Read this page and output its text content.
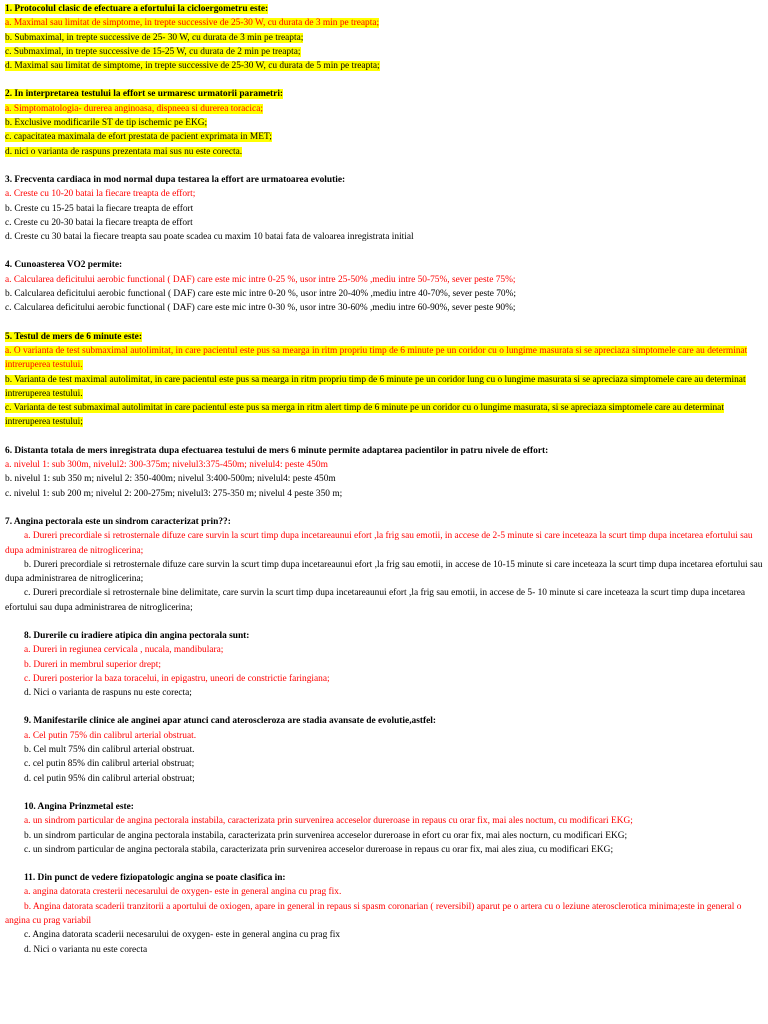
1. Protocolul clasic de efectuare a efortului la cicloergometru este:
a. Maximal sau limitat de simptome, in trepte successive de 25-30 W, cu durata de 3 min pe treapta;
b. Submaximal, in trepte successive de 25- 30 W, cu durata de 3 min pe treapta;
c. Submaximal, in trepte successive de 15-25 W, cu durata de 2 min pe treapta;
d. Maximal sau limitat de simptome, in trepte successive de 25-30 W, cu durata de 5 min pe treapta;
2. In interpretarea testului la effort se urmaresc urmatorii parametri:
a. Simptomatologia- durerea anginoasa, dispneea si durerea toracica;
b. Exclusive modificarile ST de tip ischemic pe EKG;
c. capacitatea maximala de efort prestata de pacient exprimata in MET;
d. nici o varianta de raspuns prezentata mai sus nu este corecta.
3. Frecventa cardiaca in mod normal dupa testarea la effort are urmatoarea evolutie:
a. Creste cu 10-20 batai la fiecare treapta de effort;
b. Creste cu 15-25 batai la fiecare treapta de effort
c. Creste cu 20-30 batai la fiecare treapta de effort
d. Creste cu 30 batai la fiecare treapta sau poate scadea cu maxim 10 batai fata de valoarea inregistrata initial
4. Cunoasterea VO2 permite:
a. Calcularea deficitului aerobic functional ( DAF) care este mic intre 0-25 %, usor intre 25-50% ,mediu intre 50-75%, sever peste 75%;
b. Calcularea deficitului aerobic functional ( DAF) care este mic intre 0-20 %, usor intre 20-40% ,mediu intre 40-70%, sever peste 70%;
c. Calcularea deficitului aerobic functional ( DAF) care este mic intre 0-30 %, usor intre 30-60% ,mediu intre 60-90%, sever peste 90%;
5. Testul de mers de 6 minute este:
a. O varianta de test submaximal autolimitat, in care pacientul este pus sa mearga in ritm propriu timp de 6 minute pe un coridor cu o lungime masurata si se apreciaza simptomele care au determinat intreruperea testului.
b. Varianta de test maximal autolimitat, in care pacientul este pus sa mearga in ritm propriu timp de 6 minute pe un coridor lung cu o lungime masurata si se apreciaza simptomele care au determinat intreruperea testului.
c. Varianta de test submaximal autolimitat in care pacientul este pus sa merga in ritm alert timp de 6 minute pe un coridor cu o lungime masurata, si se apreciaza simptomele care au determinat intreruperea testului;
6. Distanta totala de mers inregistrata dupa efectuarea testului de mers 6 minute permite adaptarea pacientilor in patru nivele de effort:
a. nivelul 1: sub 300m, nivelul2: 300-375m; nivelul3:375-450m; nivelul4: peste 450m
b. nivelul 1: sub 350 m; nivelul 2: 350-400m; nivelul 3:400-500m; nivelul4: peste 450m
c. nivelul 1: sub 200 m; nivelul 2: 200-275m; nivelul3: 275-350 m; nivelul 4 peste 350 m;
7. Angina pectorala este un sindrom caracterizat prin??:
a. Dureri precordiale si retrosternale difuze care survin la scurt timp dupa incetareaunui efort ,la frig sau emotii, in accese de 2-5 minute si care inceteaza la scurt timp dupa incetarea efortului sau dupa administrarea de nitroglicerina;
b. Dureri precordiale si retrosternale difuze care survin la scurt timp dupa incetareaunui efort ,la frig sau emotii, in accese de 10-15 minute si care inceteaza la scurt timp dupa incetarea efortului sau dupa administrarea de nitroglicerina;
c. Dureri precordiale si retrosternale bine delimitate, care survin la scurt timp dupa incetareaunui efort ,la frig sau emotii, in accese de 5- 10 minute si care inceteaza la scurt timp dupa incetarea efortului sau dupa administrarea de nitroglicerina;
8. Durerile cu iradiere atipica din angina pectorala sunt:
a. Dureri in regiunea cervicala , nucala, mandibulara;
b. Dureri in membrul superior drept;
c. Dureri posterior la baza toracelui, in epigastru, uneori de constrictie faringiana;
d. Nici o varianta de raspuns nu este corecta;
9. Manifestarile clinice ale anginei apar atunci cand ateroscleroza are stadia avansate de evolutie,astfel:
a. Cel putin 75% din calibrul arterial obstruat.
b. Cel mult 75% din calibrul arterial obstruat.
c. cel putin 85% din calibrul arterial obstruat;
d. cel putin 95% din calibrul arterial obstruat;
10. Angina Prinzmetal este:
a. un sindrom particular de angina pectorala instabila, caracterizata prin survenirea acceselor dureroase in repaus cu orar fix, mai ales noctum, cu modificari EKG;
b. un sindrom particular de angina pectorala instabila, caracterizata prin survenirea acceselor dureroase in efort cu orar fix, mai ales nocturn, cu modificari EKG;
c. un sindrom particular de angina pectorala stabila, caracterizata prin survenirea acceselor dureroase in repaus cu orar fix, mai ales ziua, cu modificari EKG;
11. Din punct de vedere fiziopatologic angina se poate clasifica in:
a. angina datorata cresterii necesarului de oxygen- este in general angina cu prag fix.
b. Angina datorata scaderii tranzitorii a aportului de oxiogen, apare in general in repaus si spasm coronarian ( reversibil) aparut pe o artera cu o leziune aterosclerotica minima;este in general o angina cu prag variabil
c. Angina datorata scaderii necesarului de oxygen- este in general angina cu prag fix
d. Nici o varianta nu este corecta
